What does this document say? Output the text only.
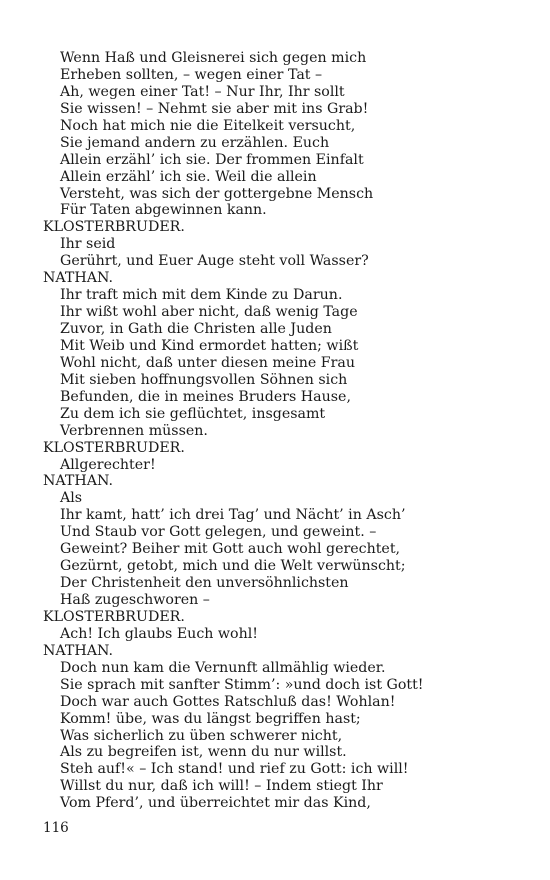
Wenn Haß und Gleisnerei sich gegen mich
Erheben sollten, – wegen einer Tat –
Ah, wegen einer Tat! – Nur Ihr, Ihr sollt
Sie wissen! – Nehmt sie aber mit ins Grab!
Noch hat mich nie die Eitelkeit versucht,
Sie jemand andern zu erzählen. Euch
Allein erzähl’ ich sie. Der frommen Einfalt
Allein erzähl’ ich sie. Weil die allein
Versteht, was sich der gottergebne Mensch
Für Taten abgewinnen kann.
KLOSTERBRUDER.
Ihr seid
Gerührt, und Euer Auge steht voll Wasser?
NATHAN.
Ihr traft mich mit dem Kinde zu Darun.
Ihr wißt wohl aber nicht, daß wenig Tage
Zuvor, in Gath die Christen alle Juden
Mit Weib und Kind ermordet hatten; wißt
Wohl nicht, daß unter diesen meine Frau
Mit sieben hoffnungsvollen Söhnen sich
Befunden, die in meines Bruders Hause,
Zu dem ich sie geflüchtet, insgesamt
Verbrennen müssen.
KLOSTERBRUDER.
Allgerechter!
NATHAN.
Als
Ihr kamt, hatt’ ich drei Tag’ und Nächt’ in Asch’
Und Staub vor Gott gelegen, und geweint. –
Geweint? Beiher mit Gott auch wohl gerechtet,
Gezürnt, getobt, mich und die Welt verwünscht;
Der Christenheit den unversöhnlichsten
Haß zugeschworen –
KLOSTERBRUDER.
Ach! Ich glaubs Euch wohl!
NATHAN.
Doch nun kam die Vernunft allmählig wieder.
Sie sprach mit sanfter Stimm’: »und doch ist Gott!
Doch war auch Gottes Ratschluß das! Wohlan!
Komm! übe, was du längst begriffen hast;
Was sicherlich zu üben schwerer nicht,
Als zu begreifen ist, wenn du nur willst.
Steh auf!« – Ich stand! und rief zu Gott: ich will!
Willst du nur, daß ich will! – Indem stiegt Ihr
Vom Pferd’, und überreichtet mir das Kind,
116
